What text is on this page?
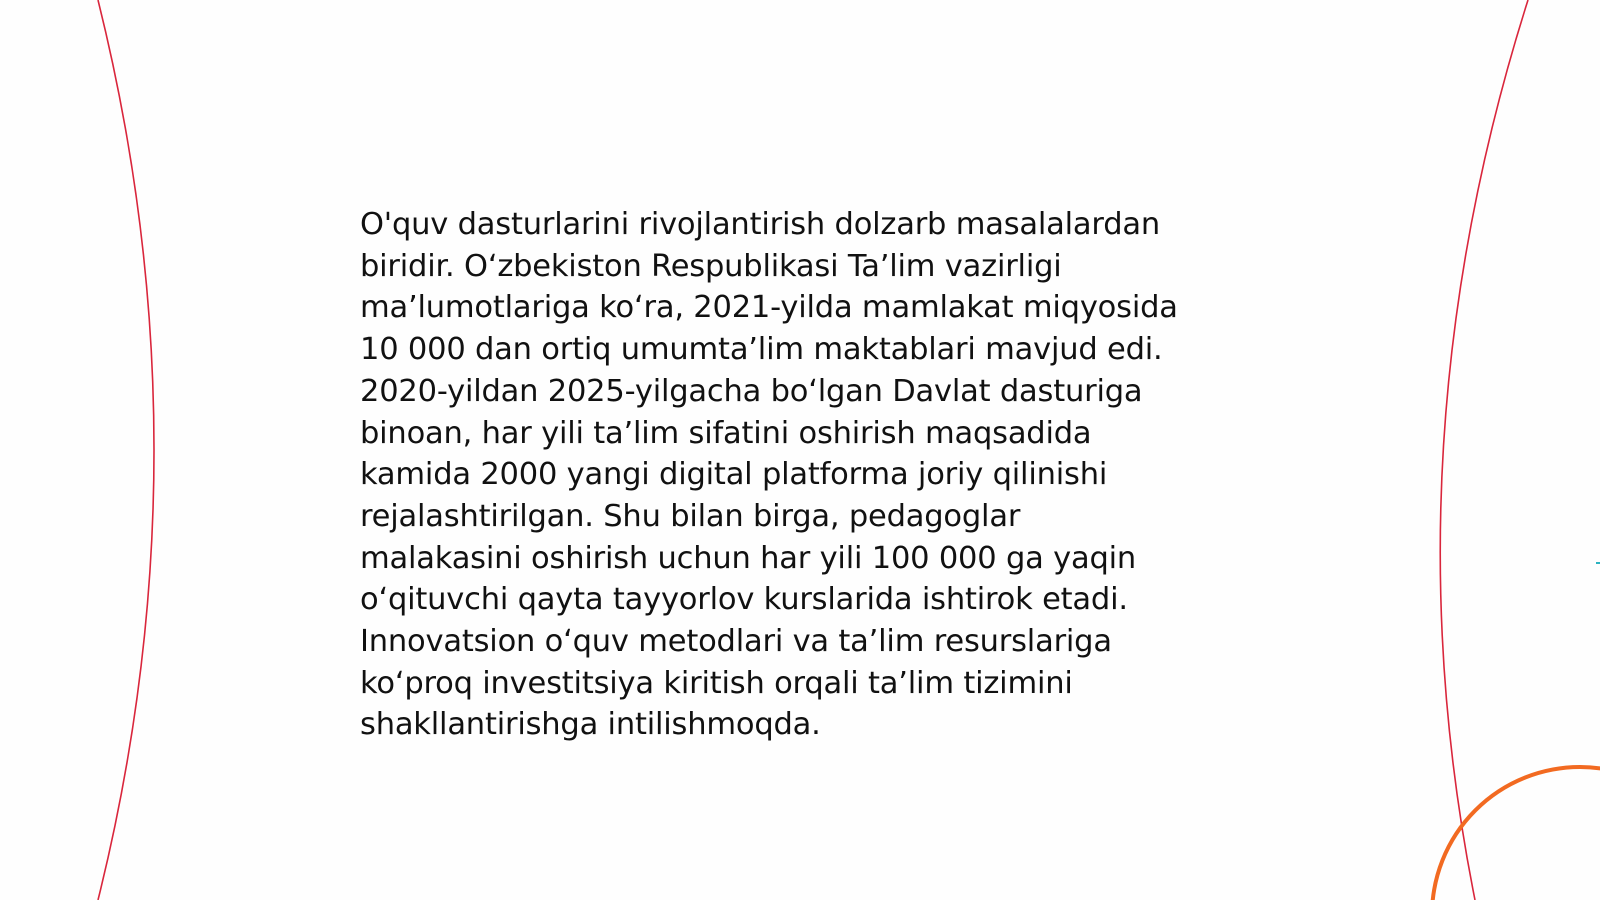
O'quv dasturlarini rivojlantirish dolzarb masalalardan
biridir. O‘zbekiston Respublikasi Ta’lim vazirligi
ma’lumotlariga ko‘ra, 2021-yilda mamlakat miqyosida
10 000 dan ortiq umumta’lim maktablari mavjud edi.
2020-yildan 2025-yilgacha bo‘lgan Davlat dasturiga
binoan, har yili ta’lim sifatini oshirish maqsadida
kamida 2000 yangi digital platforma joriy qilinishi
rejalashtirilgan. Shu bilan birga, pedagoglar
malakasini oshirish uchun har yili 100 000 ga yaqin
o‘qituvchi qayta tayyorlov kurslarida ishtirok etadi.
Innovatsion o‘quv metodlari va ta’lim resurslariga
ko‘proq investitsiya kiritish orqali ta’lim tizimini
shakllantirishga intilishmoqda.
